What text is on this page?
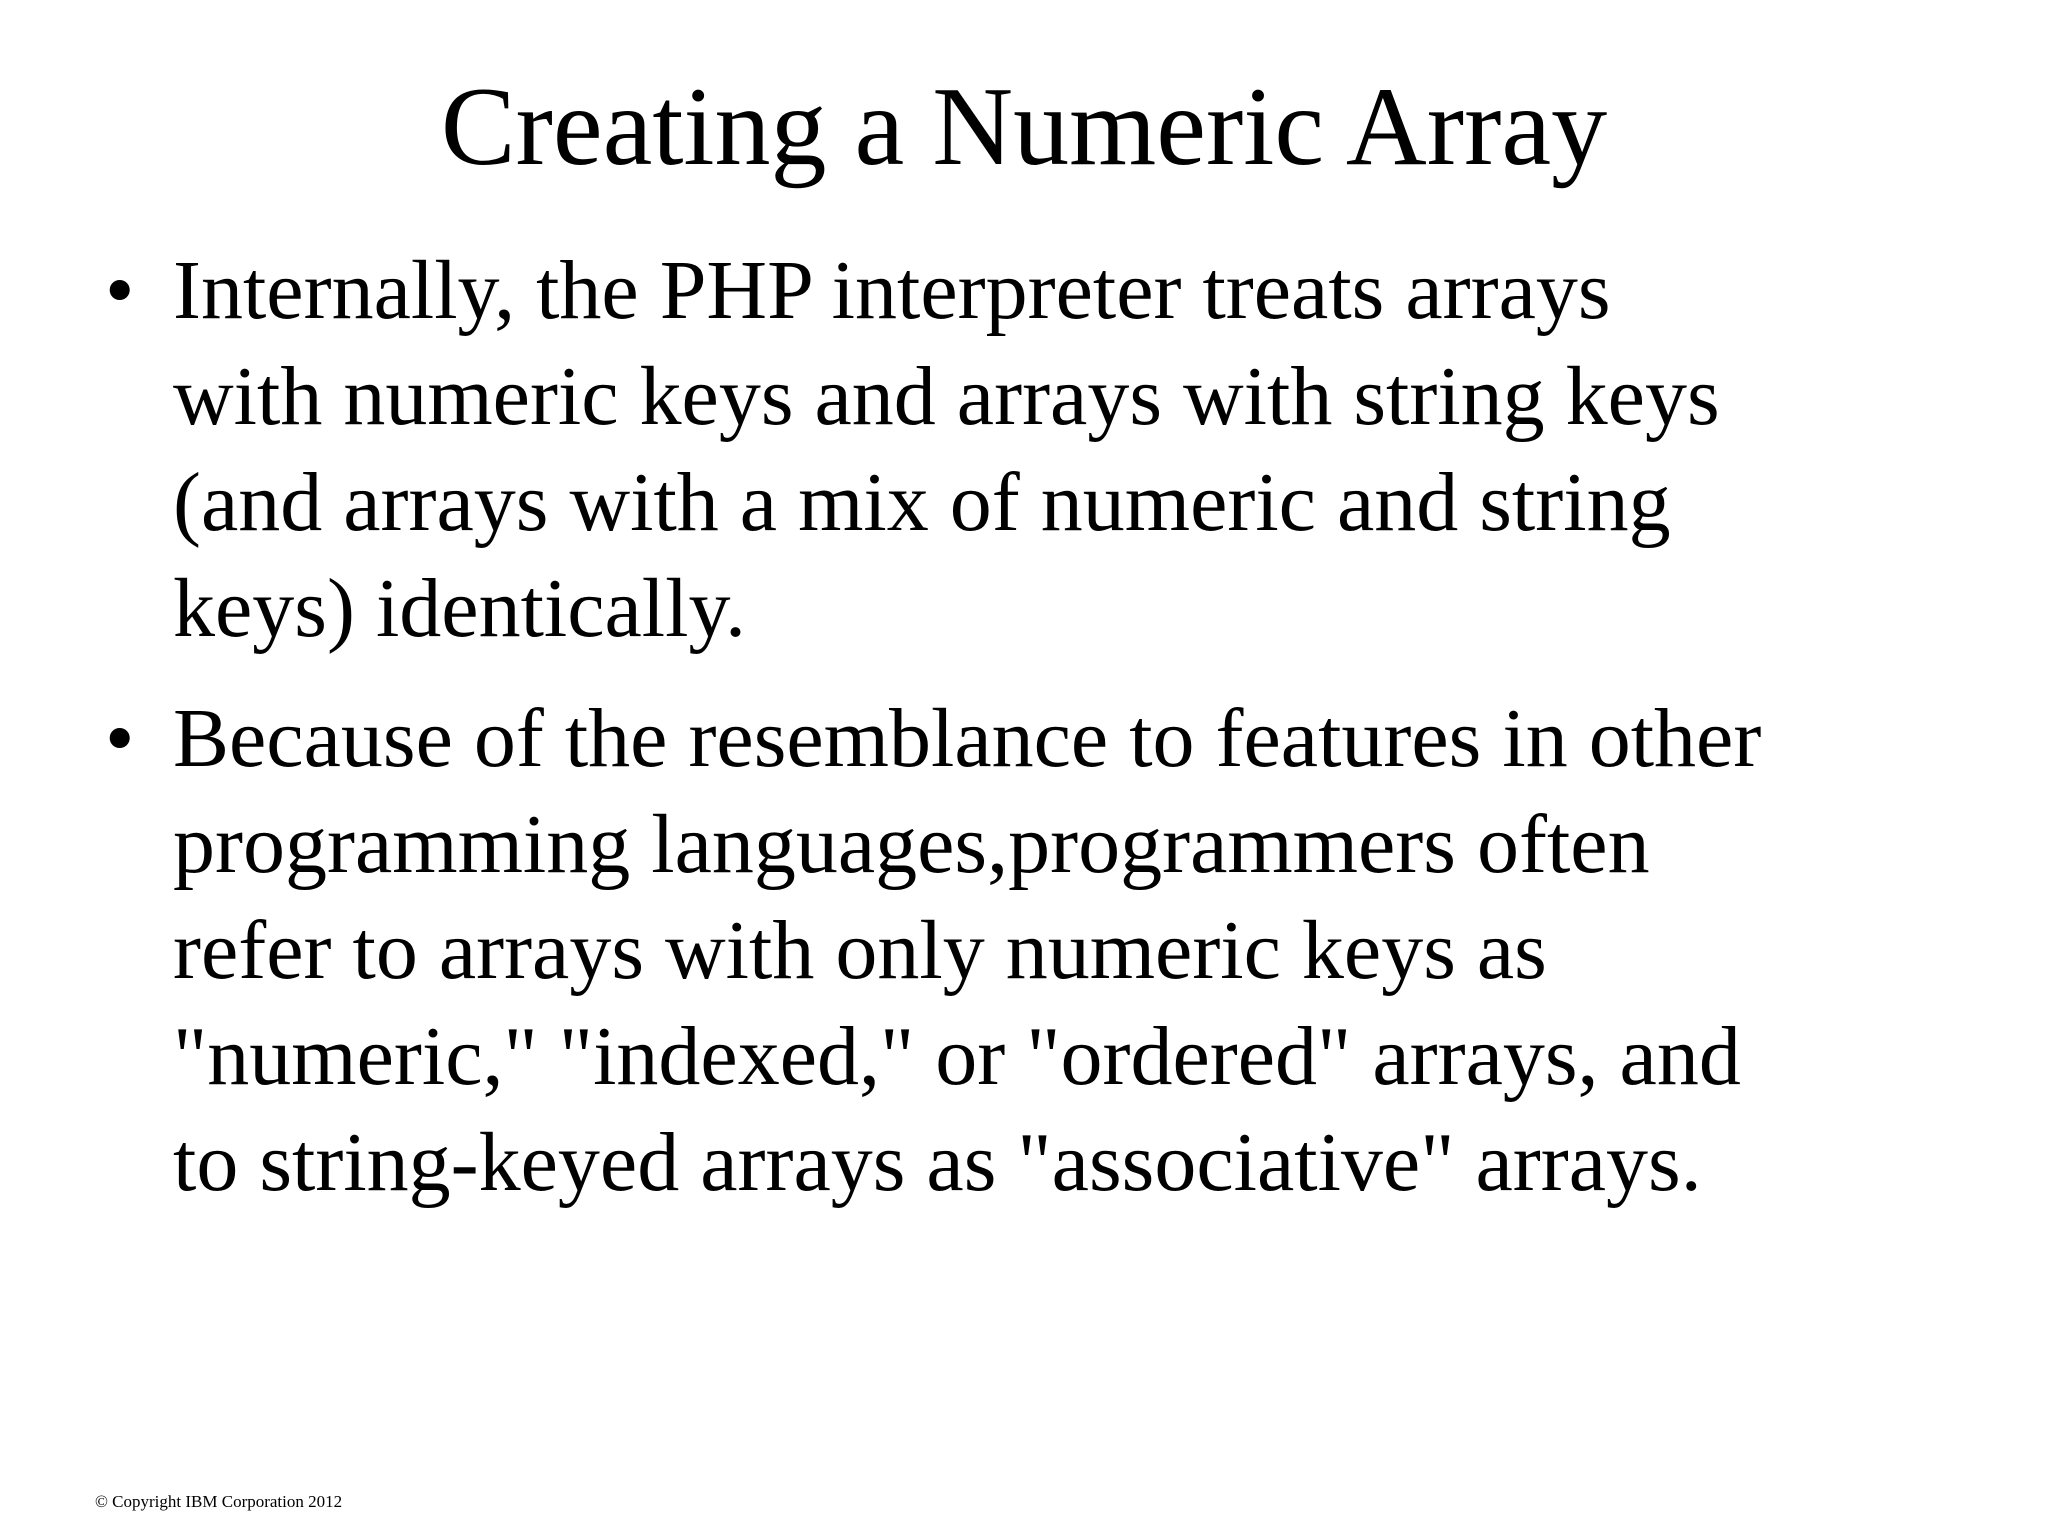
Creating a Numeric Array
• Internally, the PHP interpreter treats arrays
with numeric keys and arrays with string keys
(and arrays with a mix of numeric and string
keys) identically.
• Because of the resemblance to features in other
programming languages,programmers often
refer to arrays with only numeric keys as
"numeric," "indexed," or "ordered" arrays, and
to string-keyed arrays as "associative" arrays.
© Copyright IBM Corporation 2012
